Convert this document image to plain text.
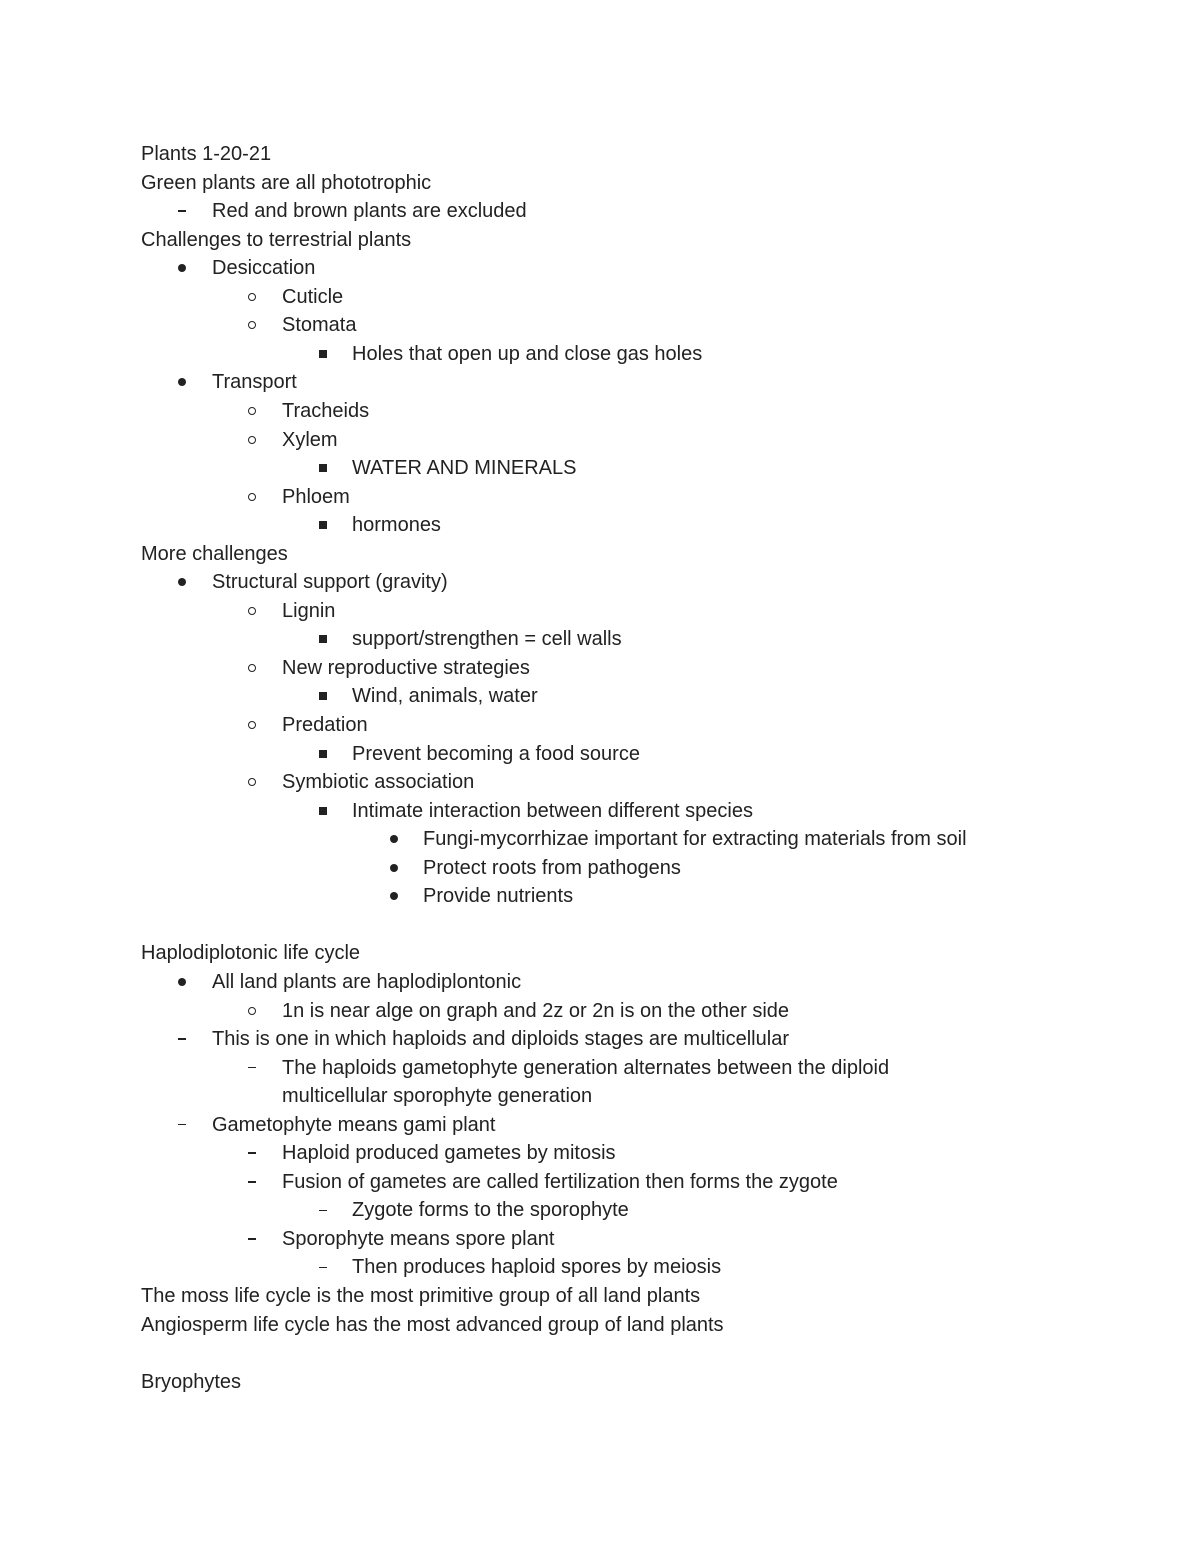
Plants 1-20-21
Green plants are all phototrophic
Red and brown plants are excluded
Challenges to terrestrial plants
Desiccation
Cuticle
Stomata
Holes that open up and close gas holes
Transport
Tracheids
Xylem
WATER AND MINERALS
Phloem
hormones
More challenges
Structural support (gravity)
Lignin
support/strengthen = cell walls
New reproductive strategies
Wind, animals, water
Predation
Prevent becoming a food source
Symbiotic association
Intimate interaction between different species
Fungi-mycorrhizae important for extracting materials from soil
Protect roots from pathogens
Provide nutrients
Haplodiplotonic life cycle
All land plants are haplodiplontonic
1n is near alge on graph and 2z or 2n is on the other side
This is one in which haploids and diploids stages are multicellular
The haploids gametophyte generation alternates between the diploid
multicellular sporophyte generation
Gametophyte means gami plant
Haploid produced gametes by mitosis
Fusion of gametes are called fertilization then forms the zygote
Zygote forms to the sporophyte
Sporophyte means spore plant
Then produces haploid spores by meiosis
The moss life cycle is the most primitive group of all land plants
Angiosperm life cycle has the most advanced group of land plants
Bryophytes
